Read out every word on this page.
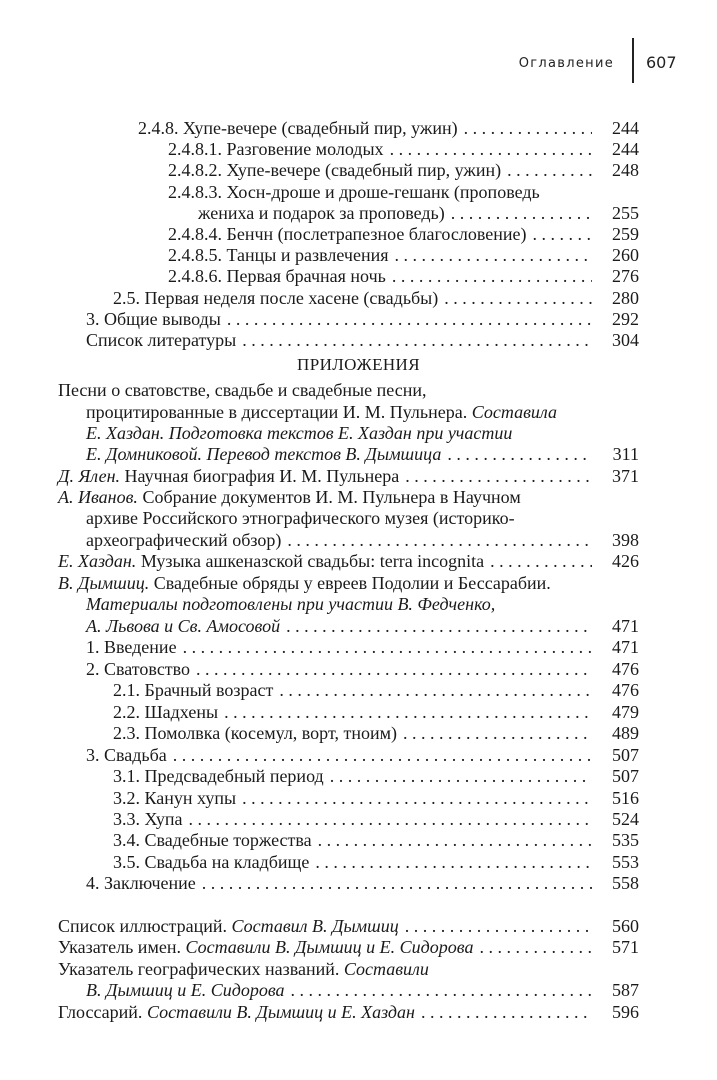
Оглавление 607
2.4.8. Хупе-вечере (свадебный пир, ужин) . . .	244
2.4.8.1. Разговение молодых . . .	244
2.4.8.2. Хупе-вечере (свадебный пир, ужин) . . .	248
2.4.8.3. Хосн-дроше и дроше-гешанк (проповедь
жениха и подарок за проповедь) . . .	255
2.4.8.4. Бенчн (послетрапезное благословение) . . .	259
2.4.8.5. Танцы и развлечения . . .	260
2.4.8.6. Первая брачная ночь . . .	276
2.5. Первая неделя после хасене (свадьбы) . . .	280
3. Общие выводы . . .	292
Список литературы . . .	304
ПРИЛОЖЕНИЯ
Песни о сватовстве, свадьбе и свадебные песни,
процитированные в диссертации И. М. Пульнера. Составила
Е. Хаздан. Подготовка текстов Е. Хаздан при участии
Е. Домниковой. Перевод текстов В. Дымшица . . .	311
Д. Ялен. Научная биография И. М. Пульнера . . .	371
А. Иванов. Собрание документов И. М. Пульнера в Научном
архиве Российского этнографического музея (историко-
археографический обзор) . . .	398
Е. Хаздан. Музыка ашкеназской свадьбы: terra incognita . . .	426
В. Дымшиц. Свадебные обряды у евреев Подолии и Бессарабии.
Материалы подготовлены при участии В. Федченко,
А. Львова и Св. Амосовой . . .	471
1. Введение . . .	471
2. Сватовство . . .	476
2.1. Брачный возраст . . .	476
2.2. Шадхены . . .	479
2.3. Помолвка (косемул, ворт, тноим) . . .	489
3. Свадьба . . .	507
3.1. Предсвадебный период . . .	507
3.2. Канун хупы . . .	516
3.3. Хупа . . .	524
3.4. Свадебные торжества . . .	535
3.5. Свадьба на кладбище . . .	553
4. Заключение . . .	558
Список иллюстраций. Составил В. Дымшиц . . .	560
Указатель имен. Составили В. Дымшиц и Е. Сидорова . . .	571
Указатель географических названий. Составили
В. Дымшиц и Е. Сидорова . . .	587
Глоссарий. Составили В. Дымшиц и Е. Хаздан . . .	596
